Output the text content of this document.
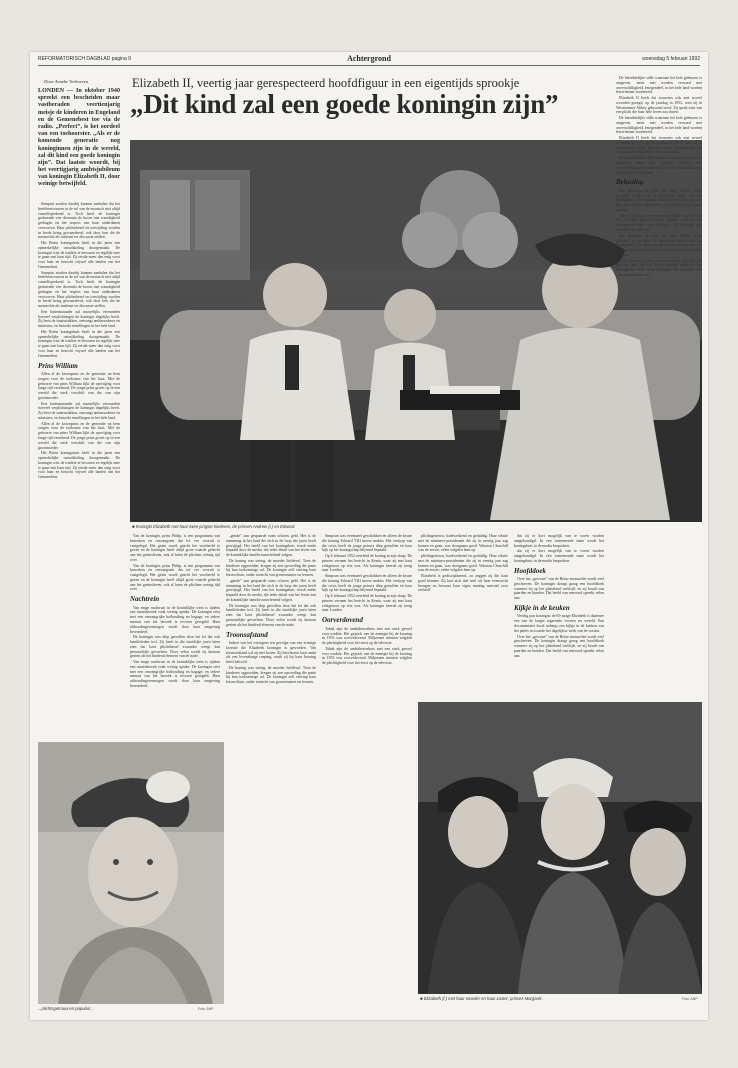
REFORMATORISCH DAGBLAD pagina 9	Achtergrond	woensdag 5 februari 1992
Door Aeneke Verhoeven
LONDEN — In oktober 1940 spreekt een bescheiden maar vastberaden veertienjarig meisje de kinderen in Engeland en de Gemenebest toe via de radio. „Perfect”, is het oordeel van een toehoorster. „Als er de komende generatie nog koninginnen zijn in de wereld, zal dit kind een goede koningin zijn”. Dat laatste woordt, bij het veertigjarig ambtsjubileum van koningin Elizabeth II, door weinige betwijfeld.
Elizabeth II, veertig jaar gerespecteerd hoofdfiguur in een eigentijds sprookje
„Dit kind zal een goede koningin zijn”
■ Koningin Elizabeth met haar twee jongste kinderen, de prinsen Andrew (l.) en Edward.

Somptut zouden daarbij kunnen aanhalen dat het beeldvertrouwen in de rol van de monarch niet altijd vanzelfsprekend is. Toch heeft de koningin gedurende vier decennia de kroon met waardigheid gedragen en het respect van haar onderdanen verworven. Haar plichtsbesef en toewijding worden in brede kring gewaardeerd, ook door hen die de monarchie als instituut ter discussie stellen.

Het Britse koningshuis heeft in die jaren een opmerkelijke ontwikkeling doorgemaakt. De koningin wist de traditie te bewaren en tegelijk mee te gaan met haar tijd. Zij reisde meer dan enig vorst voor haar en bezocht vrijwel alle landen van het Gemenebest.

Somptut zouden daarbij kunnen aanhalen dat het beeldvertrouwen in de rol van de monarch niet altijd vanzelfsprekend is. Toch heeft de koningin gedurende vier decennia de kroon met waardigheid gedragen en het respect van haar onderdanen verworven. Haar plichtsbesef en toewijding worden in brede kring gewaardeerd, ook door hen die de monarchie als instituut ter discussie stellen.

Een buitenstaander zal nauwelijks vermoeden hoeveel verplichtingen de koningin dagelijks heeft. Zij leest de staatsstukken, ontvangt ambassadeurs en ministers, en bezoekt instellingen in het hele land.

Het Britse koningshuis heeft in die jaren een opmerkelijke ontwikkeling doorgemaakt. De koningin wist de traditie te bewaren en tegelijk mee te gaan met haar tijd. Zij reisde meer dan enig vorst voor haar en bezocht vrijwel alle landen van het Gemenebest.

Prins William

Allen al de kroonprins en de generatie na hem zorgen voor de toekomst van het huis. Met de geboorte van prins William lijkt de opvolging voor lange tijd verzekerd. De jonge prins groeit op in een wereld die sterk verschilt van die van zijn grootmoeder.

Een buitenstaander zal nauwelijks vermoeden hoeveel verplichtingen de koningin dagelijks heeft. Zij leest de staatsstukken, ontvangt ambassadeurs en ministers, en bezoekt instellingen in het hele land.

Allen al de kroonprins en de generatie na hem zorgen voor de toekomst van het huis. Met de geboorte van prins William lijkt de opvolging voor lange tijd verzekerd. De jonge prins groeit op in een wereld die sterk verschilt van die van zijn grootmoeder.

Het Britse koningshuis heeft in die jaren een opmerkelijke ontwikkeling doorgemaakt. De koningin wist de traditie te bewaren en tegelijk mee te gaan met haar tijd. Zij reisde meer dan enig vorst voor haar en bezocht vrijwel alle landen van het Gemenebest.

Van de koningin, prins Philip, is een programma van bezoeken en ontvangsten dat tot ver vooruit is vastgelegd. Het gezin wordt geacht het voorbeeld te geven en de koningin heeft altijd grote waarde gehecht aan het gezinsleven, ook al laten de plichten weinig tijd over.

Van de koningin, prins Philip, is een programma van bezoeken en ontvangsten dat tot ver vooruit is vastgelegd. Het gezin wordt geacht het voorbeeld te geven en de koningin heeft altijd grote waarde gehecht aan het gezinsleven, ook al laten de plichten weinig tijd over.

Nachtrein

Van enige nachtrust in de koninklijke trein is tijdens een staatsbezoek vaak weinig sprake. De koningin reist met een omvangrijke hofhouding en bagage, en iedere minuut van het bezoek is tevoren geregeld. Haar uithoudingsvermogen wordt door haar omgeving bewonderd.

De koningin was diep getroffen door het lot dat ook familieleden trof. Zij heeft in die moeilijke jaren laten zien dat haar plichtsbesef zwaarder weegt dan persoonlijke gevoelens. Door velen wordt zij daarom gezien als het bindend element van de natie.

Van enige nachtrust in de koninklijke trein is tijdens een staatsbezoek vaak weinig sprake. De koningin reist met een omvangrijke hofhouding en bagage, en iedere minuut van het bezoek is tevoren geregeld. Haar uithoudingsvermogen wordt door haar omgeving bewonderd.

„gende” aan gespaarde ruim schoots geld. Het is de stemming in het land die zich in de loop der jaren heeft gewijzigd. Het beeld van het koningshuis wordt mede bepaald door de media, die ieder detail van het leven van de koninklijke familie nauwlettend volgen.

De koning was streng, de moeder liefdevol. Toen de kinderen opgroeiden, kregen zij een opvoeding die paste bij hun toekomstige rol. De koningin zelf ontving haar lessen thuis, onder toezicht van gouvernantes en leraren.

„gende” aan gespaarde ruim schoots geld. Het is de stemming in het land die zich in de loop der jaren heeft gewijzigd. Het beeld van het koningshuis wordt mede bepaald door de media, die ieder detail van het leven van de koninklijke familie nauwlettend volgen.

De koningin was diep getroffen door het lot dat ook familieleden trof. Zij heeft in die moeilijke jaren laten zien dat haar plichtsbesef zwaarder weegt dan persoonlijke gevoelens. Door velen wordt zij daarom gezien als het bindend element van de natie.

Troonsafstand

Indien wat het overigens ten gevolge van een ernstige kwestie die Elizabeth koningin is geworden. Van troonsafstand wil zij niet horen. Zij beschouwt haar ambt als een levenslange roeping, zoals zij bij haar kroning heeft beloofd.

De koning was streng, de moeder liefdevol. Toen de kinderen opgroeiden, kregen zij een opvoeding die paste bij hun toekomstige rol. De koningin zelf ontving haar lessen thuis, onder toezicht van gouvernantes en leraren.

Simpson was eventueel geschokken en alleen de keuze die koning Edward VIII moest maken. Het verloop van die crisis heeft de jonge prinses diep getroffen en haar kijk op het koningschap blijvend bepaald.

Op 6 februari 1952 overleed de koning in zijn slaap. De prinses vernam het bericht in Kenia, waar zij met haar echtgenoot op reis was. Als koningin keerde zij terug naar Londen.

Simpson was eventueel geschokken en alleen de keuze die koning Edward VIII moest maken. Het verloop van die crisis heeft de jonge prinses diep getroffen en haar kijk op het koningschap blijvend bepaald.

Op 6 februari 1952 overleed de koning in zijn slaap. De prinses vernam het bericht in Kenia, waar zij met haar echtgenoot op reis was. Als koningin keerde zij terug naar Londen.

Oorverdovend

Tabak zijn de ambtsbezoekers met een sterk gevoel voor traditie. Het gejuich van de menigte bij de kroning in 1953 was oorverdovend. Miljoenen mensen volgden de plechtigheid voor het eerst op de televisie.

Tabak zijn de ambtsbezoekers met een sterk gevoel voor traditie. Het gejuich van de menigte bij de kroning in 1953 was oorverdovend. Miljoenen mensen volgden de plechtigheid voor het eerst op de televisie.

plichtsgetrouw, hardwerkend en geduldig. Haar relatie met de ministers-presidenten die zij in veertig jaar zag komen en gaan, was doorgaans goed. Winston Churchill was de eerste; velen volgden hem op.

plichtsgetrouw, hardwerkend en geduldig. Haar relatie met de ministers-presidenten die zij in veertig jaar zag komen en gaan, was doorgaans goed. Winston Churchill was de eerste; velen volgden hem op.

Elizabeth is gedisciplineerd, zo zeggen zij die haar goed kennen. Zij laat zich niet snel uit haar evenwicht brengen en bewaart haar eigen mening meestal voor zichzelf.

dat zij er kort mogelijk van te voren worden aangekondigd. In een toenemende mate wordt het koningshuis in de media besproken.

dat zij er kort mogelijk van te voren worden aangekondigd. In een toenemende mate wordt het koningshuis in de media besproken.

Hoofddoek

Over het „gewone” van de Britse monarchie wordt veel geschreven. De koningin draagt graag een hoofddoek wanneer zij op het platteland verblijft, en zij houdt van paarden en honden. Dat beeld van eenvoud spreekt velen aan.

Kijkje in de keuken

Veertig jaar koningin: de 65-jarige Elizabeth is daarmee een van de langst regerende vorsten ter wereld. Een documentaire bood onlangs een kijkje in de keuken van het paleis en toonde het dagelijkse werk van de vorstin.

Over het „gewone” van de Britse monarchie wordt veel geschreven. De koningin draagt graag een hoofddoek wanneer zij op het platteland verblijft, en zij houdt van paarden en honden. Dat beeld van eenvoud spreekt velen aan.

De betrekkelijke stille waarmee het hele gebeuren is omgeven, moet niet worden verward met onverschilligheid. Integendeel, in het hele land worden festiviteiten voorbereid.

Elizabeth II heeft dat trouwens ook met zoveel woorden gezegd, op de jaardag in 1953, toen zij in Westminster Abbey gekroond werd. Zij sprak toen van een plicht die haar hele leven zou duren.

De betrekkelijke stille waarmee het hele gebeuren is omgeven, moet niet worden verward met onverschilligheid. Integendeel, in het hele land worden festiviteiten voorbereid.

Elizabeth II heeft dat trouwens ook met zoveel woorden gezegd, op de jaardag in 1953, toen zij in Westminster Abbey gekroond werd. Zij sprak toen van een plicht die haar hele leven zou duren.

De betrekkelijke stille waarmee het hele gebeuren is omgeven, moet niet worden verward met onverschilligheid. Integendeel, in het hele land worden festiviteiten voorbereid.

Belasting

Een discussie die met iets meer felheid wordt gevoerd, is die over de financiële positie van het koningshuis. De koningin betaalt geen belasting over haar persoonlijke inkomsten, wat in brede kring kritiek oproept.

Alles wordt nog eens extra benadrukt door het feit dat een deel van het Britse publiek vindt dat het koningshuis meer moet bijdragen. De koningin laat zich daarover niet uit.

Een discussie die met iets meer felheid wordt gevoerd, is die over de financiële positie van het koningshuis. De koningin betaalt geen belasting over haar persoonlijke inkomsten, wat in brede kring kritiek oproept.

Alles wordt nog eens extra benadrukt door het feit dat een deel van het Britse publiek vindt dat het koningshuis meer moet bijdragen. De koningin laat zich daarover niet uit.

...plichtsgetrouw en populair...	Foto: ANP
■ Elizabeth (l.) met haar moeder en haar zuster, prinses Margaret.	Foto: ANP
